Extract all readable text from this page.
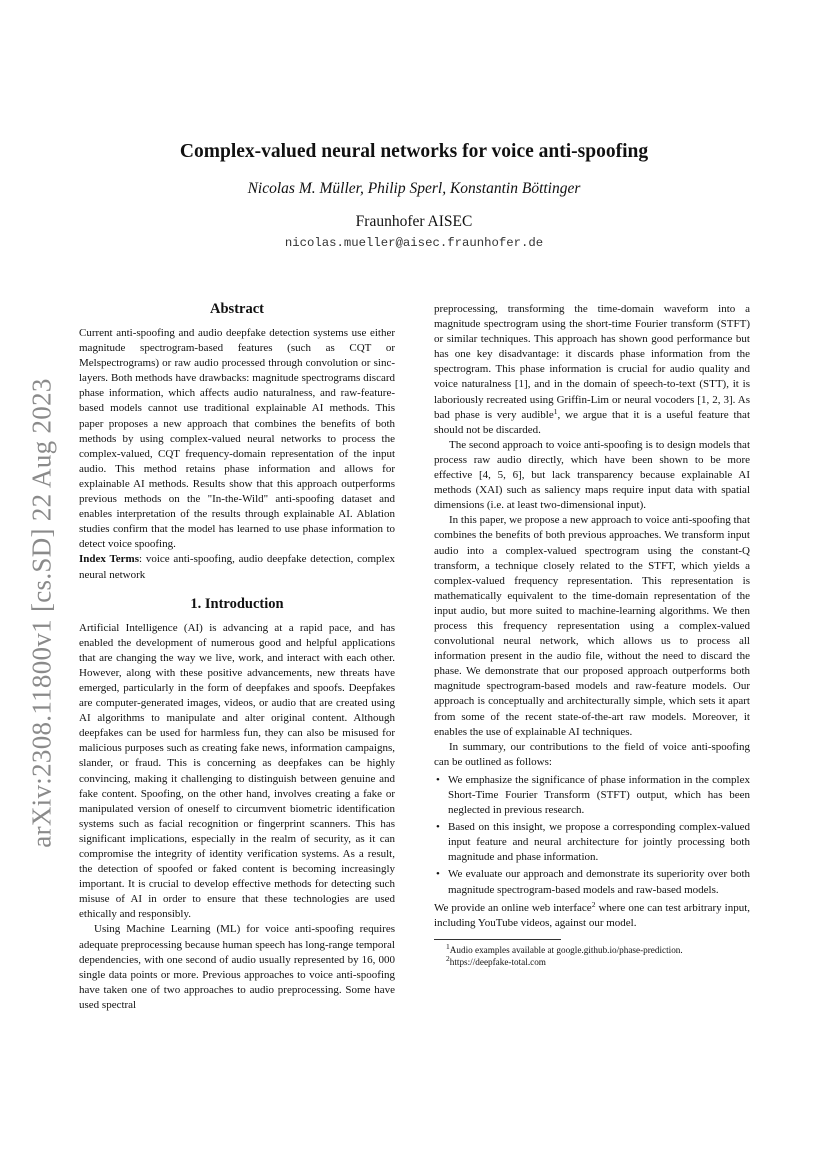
arXiv:2308.11800v1 [cs.SD] 22 Aug 2023
Complex-valued neural networks for voice anti-spoofing
Nicolas M. Müller, Philip Sperl, Konstantin Böttinger
Fraunhofer AISEC
nicolas.mueller@aisec.fraunhofer.de
Abstract

Current anti-spoofing and audio deepfake detection systems use either magnitude spectrogram-based features (such as CQT or Melspectrograms) or raw audio processed through convolution or sinc-layers. Both methods have drawbacks: magnitude spectrograms discard phase information, which affects audio naturalness, and raw-feature-based models cannot use traditional explainable AI methods. This paper proposes a new approach that combines the benefits of both methods by using complex-valued neural networks to process the complex-valued, CQT frequency-domain representation of the input audio. This method retains phase information and allows for explainable AI methods. Results show that this approach outperforms previous methods on the "In-the-Wild" anti-spoofing dataset and enables interpretation of the results through explainable AI. Ablation studies confirm that the model has learned to use phase information to detect voice spoofing.

Index Terms: voice anti-spoofing, audio deepfake detection, complex neural network

1. Introduction

Artificial Intelligence (AI) is advancing at a rapid pace, and has enabled the development of numerous good and helpful applications that are changing the way we live, work, and interact with each other. However, along with these positive advancements, new threats have emerged, particularly in the form of deepfakes and spoofs. Deepfakes are computer-generated images, videos, or audio that are created using AI algorithms to manipulate and alter original content. Although deepfakes can be used for harmless fun, they can also be misused for malicious purposes such as creating fake news, information campaigns, slander, or fraud. This is concerning as deepfakes can be highly convincing, making it challenging to distinguish between genuine and fake content. Spoofing, on the other hand, involves creating a fake or manipulated version of oneself to circumvent biometric identification systems such as facial recognition or fingerprint scanners. This has significant implications, especially in the realm of security, as it can compromise the integrity of identity verification systems. As a result, the detection of spoofed or faked content is becoming increasingly important. It is crucial to develop effective methods for detecting such misuse of AI in order to ensure that these technologies are used ethically and responsibly.

Using Machine Learning (ML) for voice anti-spoofing requires adequate preprocessing because human speech has long-range temporal dependencies, with one second of audio usually represented by 16, 000 single data points or more. Previous approaches to voice anti-spoofing have taken one of two approaches to audio preprocessing. Some have used spectral

preprocessing, transforming the time-domain waveform into a magnitude spectrogram using the short-time Fourier transform (STFT) or similar techniques. This approach has shown good performance but has one key disadvantage: it discards phase information from the spectrogram. This phase information is crucial for audio quality and voice naturalness [1], and in the domain of speech-to-text (STT), it is laboriously recreated using Griffin-Lim or neural vocoders [1, 2, 3]. As bad phase is very audible$^1$, we argue that it is a useful feature that should not be discarded.

The second approach to voice anti-spoofing is to design models that process raw audio directly, which have been shown to be more effective [4, 5, 6], but lack transparency because explainable AI methods (XAI) such as saliency maps require input data with spatial dimensions (i.e. at least two-dimensional input).

In this paper, we propose a new approach to voice anti-spoofing that combines the benefits of both previous approaches. We transform input audio into a complex-valued spectrogram using the constant-Q transform, a technique closely related to the STFT, which yields a complex-valued frequency representation. This representation is mathematically equivalent to the time-domain representation of the input audio, but more suited to machine-learning algorithms. We then process this frequency representation using a complex-valued convolutional neural network, which allows us to process all information present in the audio file, without the need to discard the phase. We demonstrate that our proposed approach outperforms both magnitude spectrogram-based models and raw-feature models. Our approach is conceptually and architecturally simple, which sets it apart from some of the recent state-of-the-art raw models. Moreover, it enables the use of explainable AI techniques.

In summary, our contributions to the field of voice anti-spoofing can be outlined as follows:

• We emphasize the significance of phase information in the complex Short-Time Fourier Transform (STFT) output, which has been neglected in previous research.
• Based on this insight, we propose a corresponding complex-valued input feature and neural architecture for jointly processing both magnitude and phase information.
• We evaluate our approach and demonstrate its superiority over both magnitude spectrogram-based models and raw-based models.

We provide an online web interface$^2$ where one can test arbitrary input, including YouTube videos, against our model.

$^1$Audio examples available at google.github.io/phase-prediction.
$^2$https://deepfake-total.com
